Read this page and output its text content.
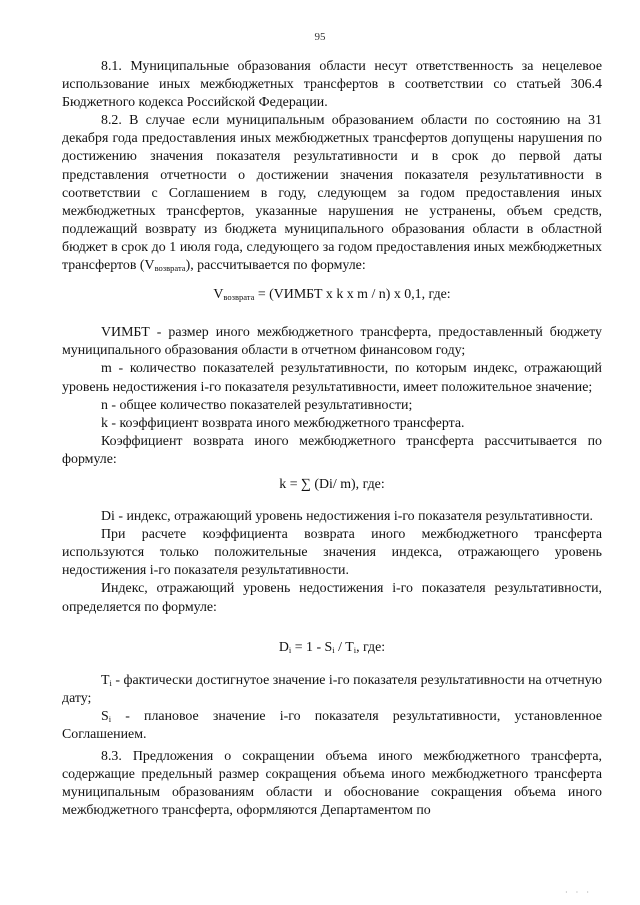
95

8.1. Муниципальные образования области несут ответственность за нецелевое использование иных межбюджетных трансфертов в соответствии со статьей 306.4 Бюджетного кодекса Российской Федерации.

8.2. В случае если муниципальным образованием области по состоянию на 31 декабря года предоставления иных межбюджетных трансфертов допущены нарушения по достижению значения показателя результативности и в срок до первой даты представления отчетности о достижении значения показателя результативности в соответствии с Соглашением в году, следующем за годом предоставления иных межбюджетных трансфертов, указанные нарушения не устранены, объем средств, подлежащий возврату из бюджета муниципального образования области в областной бюджет в срок до 1 июля года, следующего за годом предоставления иных межбюджетных трансфертов $(V_{возврата})$, рассчитывается по формуле:

$V_{возврата}$ = (VИМБТ x k x m / n) x 0,1, где:

VИМБТ - размер иного межбюджетного трансферта, предоставленный бюджету муниципального образования области в отчетном финансовом году;

m - количество показателей результативности, по которым индекс, отражающий уровень недостижения i-го показателя результативности, имеет положительное значение;

n - общее количество показателей результативности;

k - коэффициент возврата иного межбюджетного трансферта.

Коэффициент возврата иного межбюджетного трансферта рассчитывается по формуле:

k = ∑ (Di/ m), где:

Di - индекс, отражающий уровень недостижения i-го показателя результативности.

При расчете коэффициента возврата иного межбюджетного трансферта используются только положительные значения индекса, отражающего уровень недостижения i-го показателя результативности.

Индекс, отражающий уровень недостижения i-го показателя результативности, определяется по формуле:

$D_i = 1 - S_i / T_i$, где:

$T_i$ - фактически достигнутое значение i-го показателя результативности на отчетную дату;

$S_i$ - плановое значение i-го показателя результативности, установленное Соглашением.

8.3. Предложения о сокращении объема иного межбюджетного трансферта, содержащие предельный размер сокращения объема иного межбюджетного трансферта муниципальным образованиям области и обоснование сокращения объема иного межбюджетного трансферта, оформляются Департаментом по

· · ·
